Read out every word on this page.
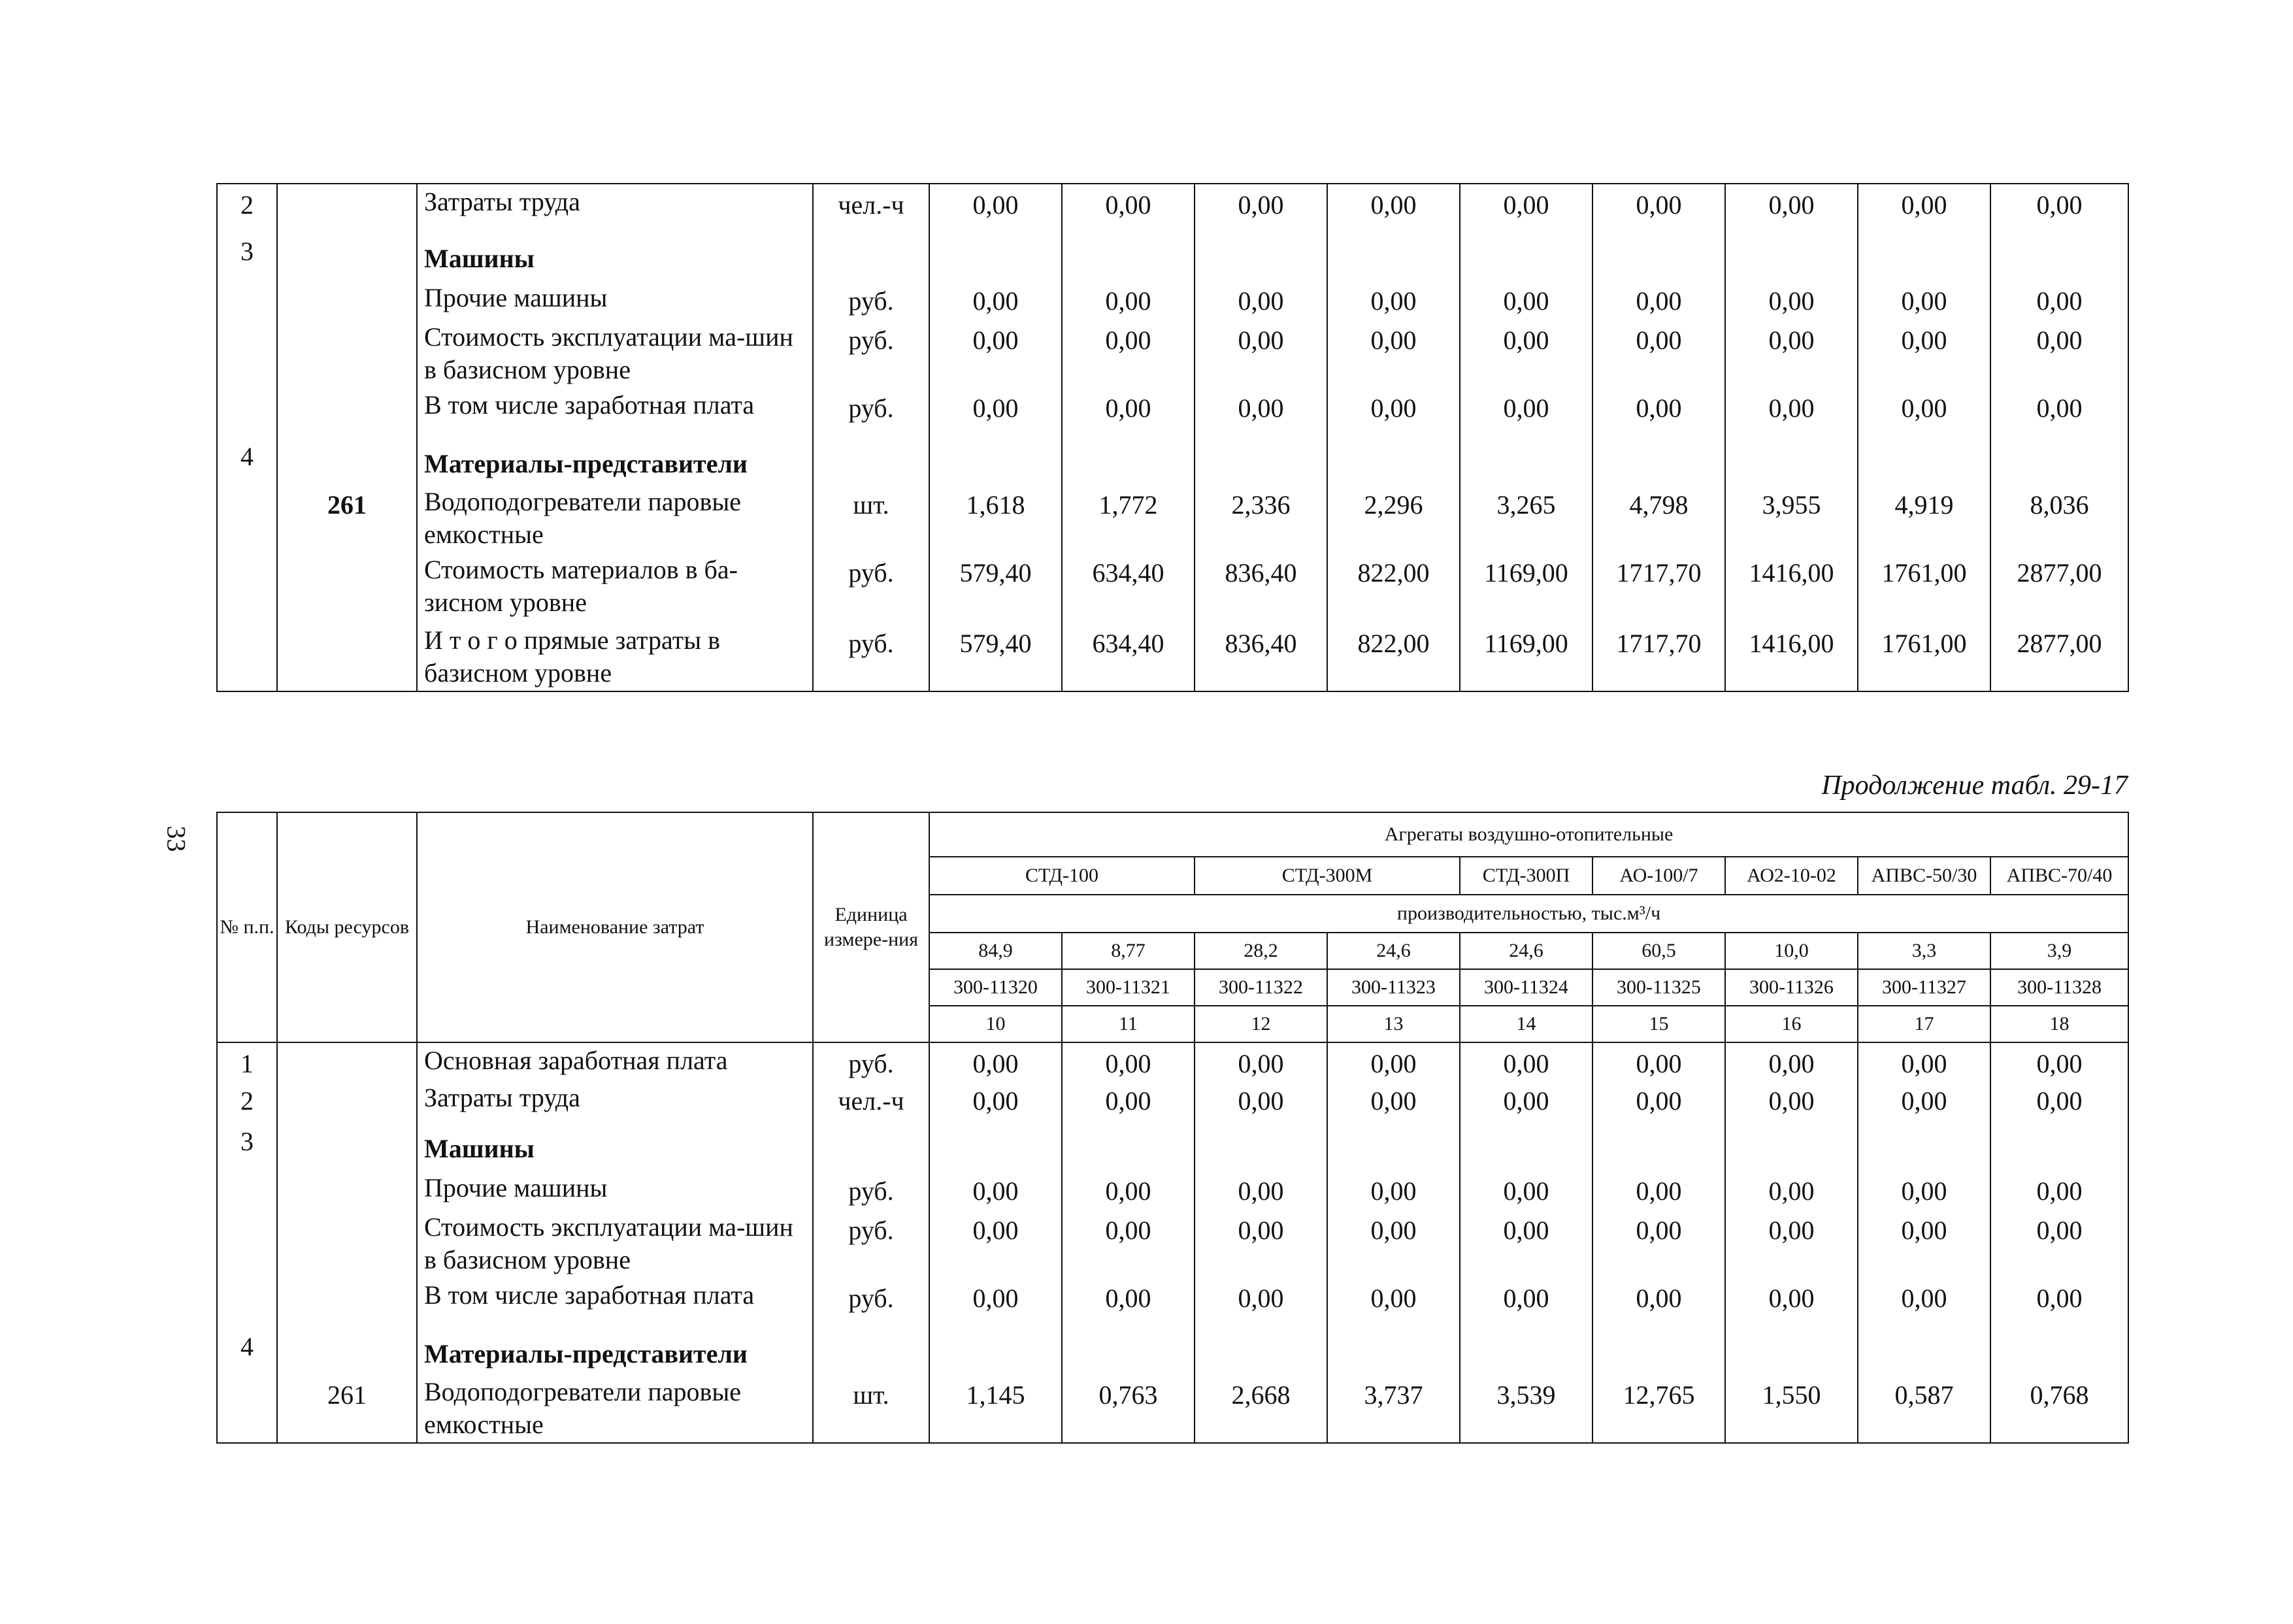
2		Затраты труда	чел.-ч	0,00	0,00	0,00	0,00	0,00	0,00	0,00	0,00	0,00
3		Машины										
		Прочие машины	руб.	0,00	0,00	0,00	0,00	0,00	0,00	0,00	0,00	0,00
		Стоимость эксплуатации ма-шин в базисном уровне	руб.	0,00	0,00	0,00	0,00	0,00	0,00	0,00	0,00	0,00
		В том числе заработная плата	руб.	0,00	0,00	0,00	0,00	0,00	0,00	0,00	0,00	0,00
4		Материалы-представители										
	261	Водоподогреватели паровые емкостные	шт.	1,618	1,772	2,336	2,296	3,265	4,798	3,955	4,919	8,036
		Стоимость материалов в ба-зисном уровне	руб.	579,40	634,40	836,40	822,00	1169,00	1717,70	1416,00	1761,00	2877,00
		И т о г о прямые затраты в базисном уровне	руб.	579,40	634,40	836,40	822,00	1169,00	1717,70	1416,00	1761,00	2877,00
Продолжение табл. 29-17
33
№ п.п.	Коды ресурсов	Наименование затрат	Единица измере-ния	Агрегаты воздушно-отопительные								
				СТД-100		СТД-300М		СТД-300П	АО-100/7	АО2-10-02	АПВС-50/30	АПВС-70/40
				производительностью, тыс.м³/ч								
				84,9	8,77	28,2	24,6	24,6	60,5	10,0	3,3	3,9
				300-11320	300-11321	300-11322	300-11323	300-11324	300-11325	300-11326	300-11327	300-11328
				10	11	12	13	14	15	16	17	18
1		Основная заработная плата	руб.	0,00	0,00	0,00	0,00	0,00	0,00	0,00	0,00	0,00
2		Затраты труда	чел.-ч	0,00	0,00	0,00	0,00	0,00	0,00	0,00	0,00	0,00
3		Машины										
		Прочие машины	руб.	0,00	0,00	0,00	0,00	0,00	0,00	0,00	0,00	0,00
		Стоимость эксплуатации ма-шин в базисном уровне	руб.	0,00	0,00	0,00	0,00	0,00	0,00	0,00	0,00	0,00
		В том числе заработная плата	руб.	0,00	0,00	0,00	0,00	0,00	0,00	0,00	0,00	0,00
4		Материалы-представители										
	261	Водоподогреватели паровые емкостные	шт.	1,145	0,763	2,668	3,737	3,539	12,765	1,550	0,587	0,768
